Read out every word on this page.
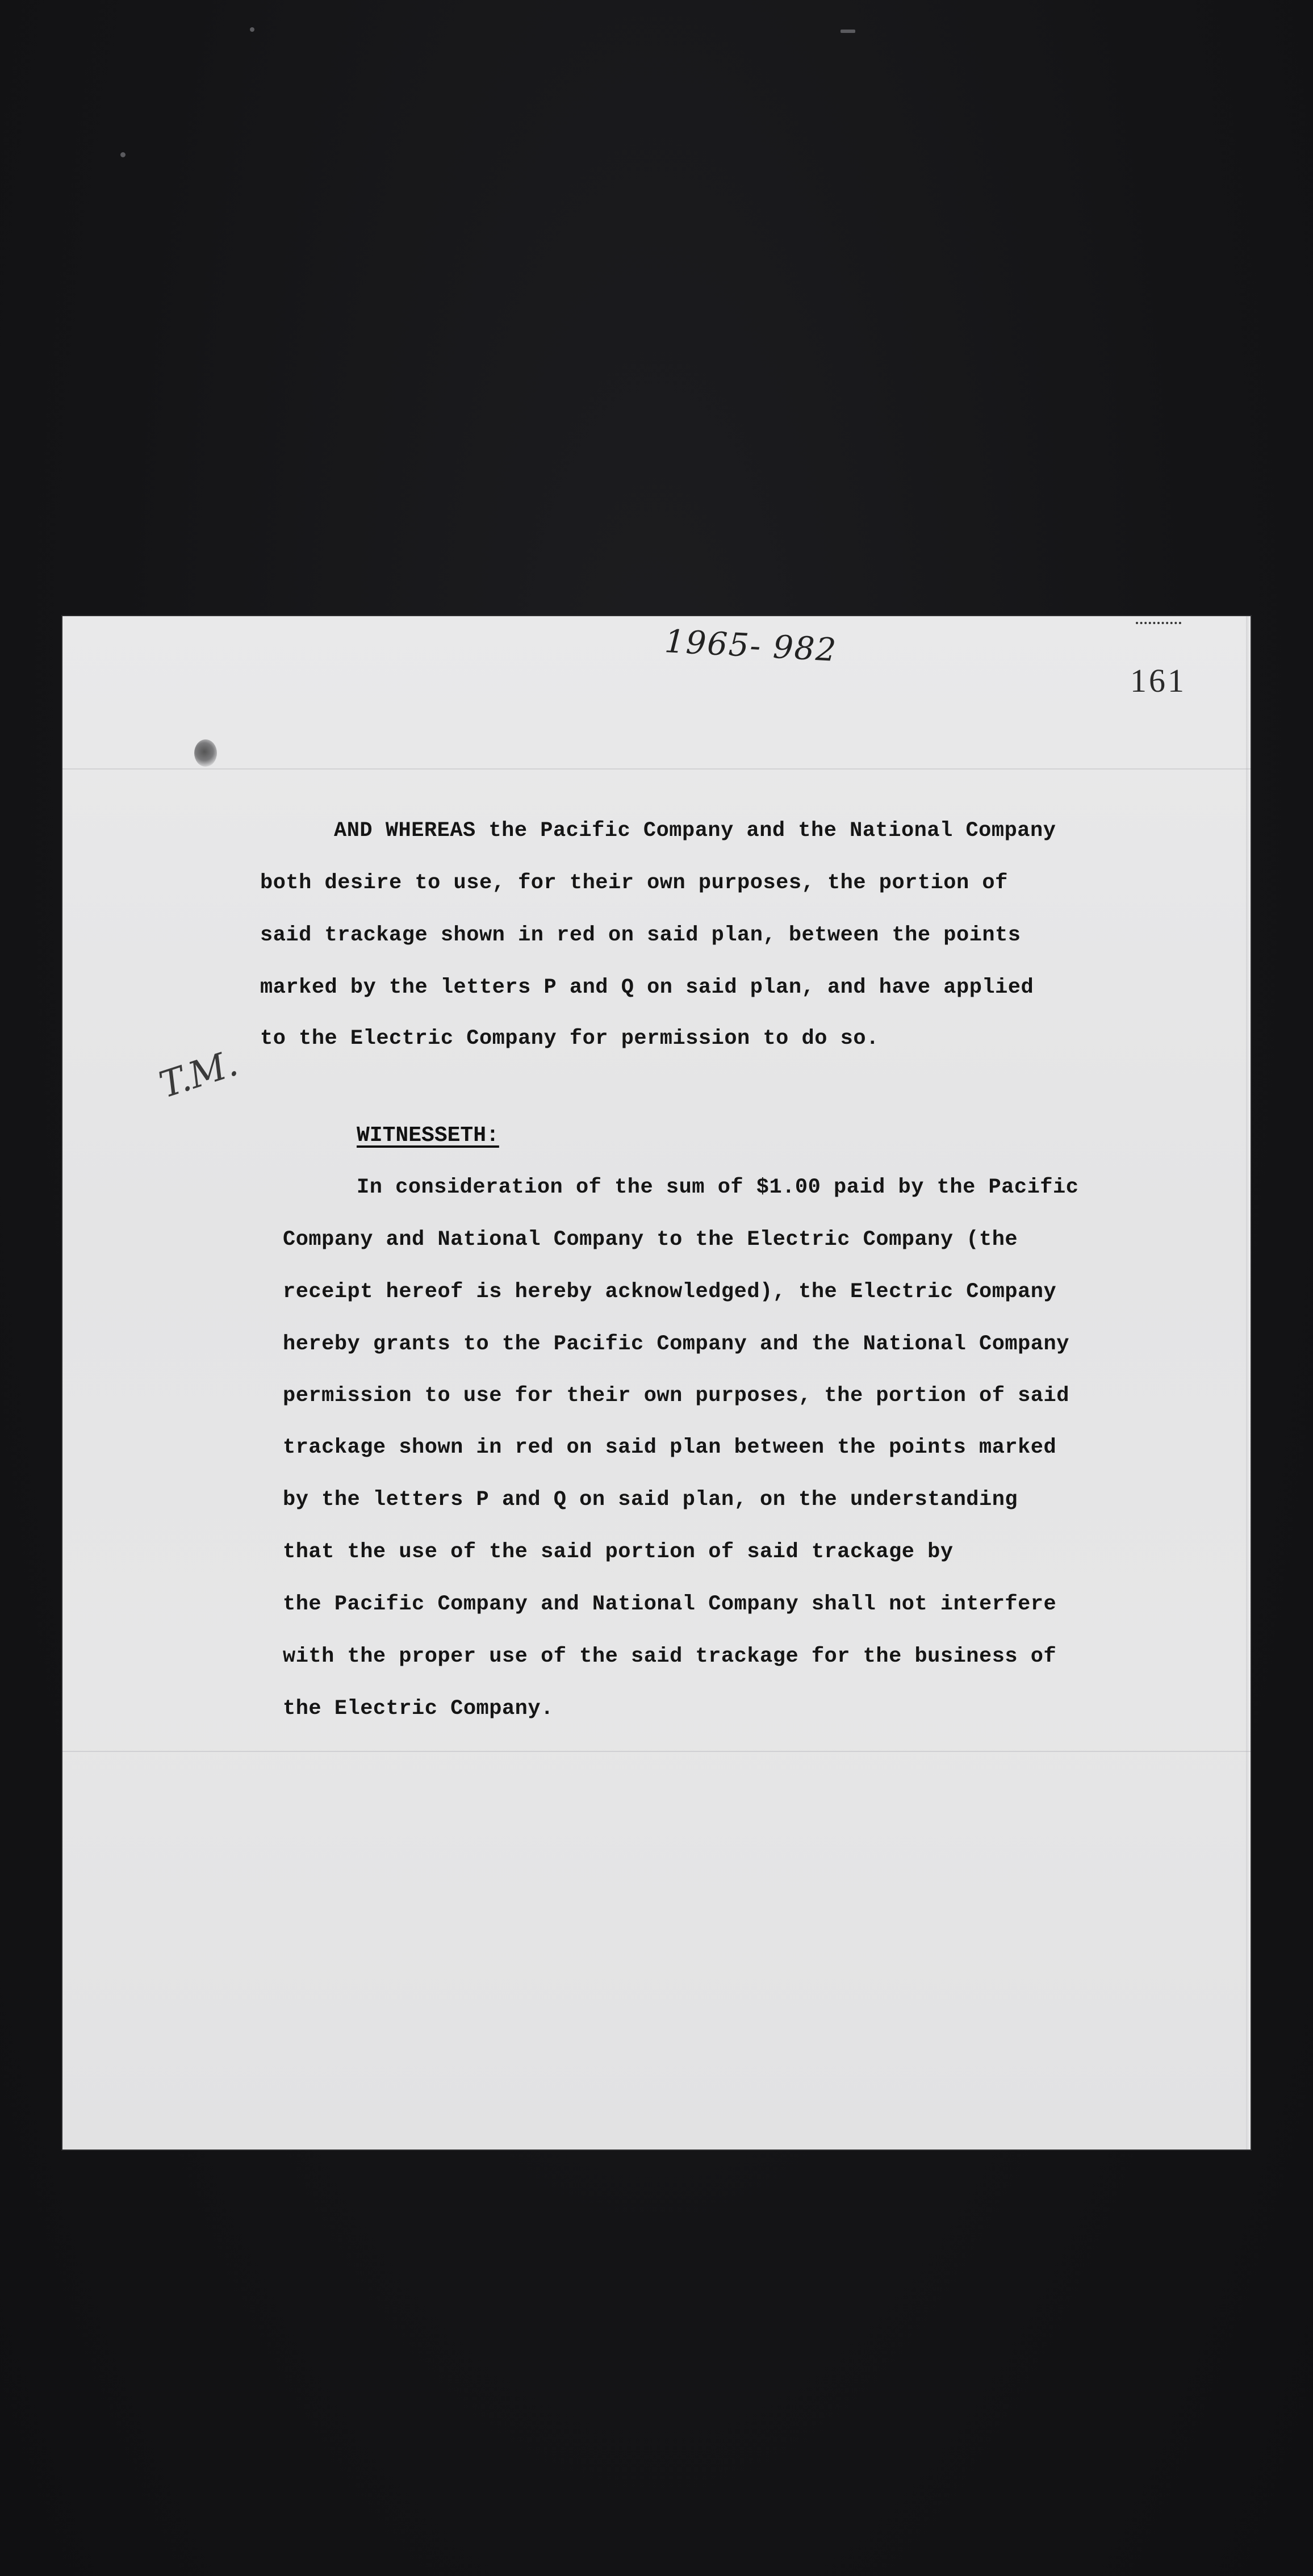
1965- 982
161
T.M.
AND WHEREAS the Pacific Company and the National Company
both desire to use, for their own purposes, the portion of
said trackage shown in red on said plan, between the points
marked by the letters P and Q on said plan, and have applied
to the Electric Company for permission to do so.
WITNESSETH:
In consideration of the sum of $1.00 paid by the Pacific
Company and National Company to the Electric Company (the
receipt hereof is hereby acknowledged), the Electric Company
hereby grants to the Pacific Company and the National Company
permission to use for their own purposes, the portion of said
trackage shown in red on said plan between the points marked
by the letters P and Q on said plan, on the understanding
that the use of the said portion of said trackage by
the Pacific Company and National Company shall not interfere
with the proper use of the said trackage for the business of
the Electric Company.
